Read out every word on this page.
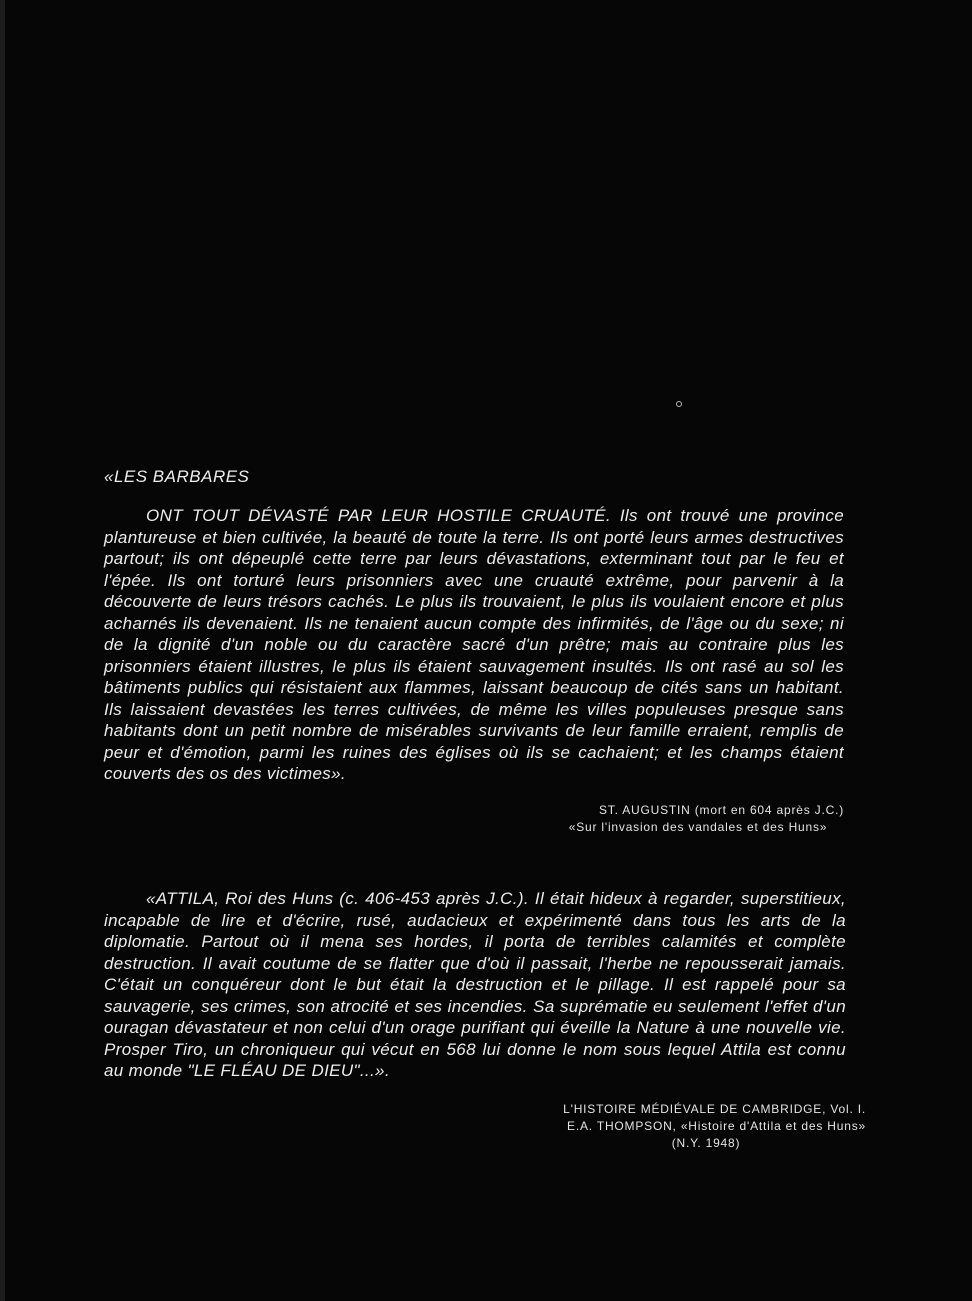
«LES BARBARES

ONT TOUT DÉVASTÉ PAR LEUR HOSTILE CRUAUTÉ. Ils ont trouvé une province plantureuse et bien cultivée, la beauté de toute la terre. Ils ont porté leurs armes destructives partout; ils ont dépeuplé cette terre par leurs dévastations, exterminant tout par le feu et l'épée. Ils ont torturé leurs prisonniers avec une cruauté extrême, pour parvenir à la découverte de leurs trésors cachés. Le plus ils trouvaient, le plus ils voulaient encore et plus acharnés ils devenaient. Ils ne tenaient aucun compte des infirmités, de l'âge ou du sexe; ni de la dignité d'un noble ou du caractère sacré d'un prêtre; mais au contraire plus les prisonniers étaient illustres, le plus ils étaient sauvagement insultés. Ils ont rasé au sol les bâtiments publics qui résistaient aux flammes, laissant beaucoup de cités sans un habitant. Ils laissaient devastées les terres cultivées, de même les villes populeuses presque sans habitants dont un petit nombre de misérables survivants de leur famille erraient, remplis de peur et d'émotion, parmi les ruines des églises où ils se cachaient; et les champs étaient couverts des os des victimes».

ST. AUGUSTIN (mort en 604 après J.C.)
«Sur l'invasion des vandales et des Huns»

«ATTILA, Roi des Huns (c. 406-453 après J.C.). Il était hideux à regarder, superstitieux, incapable de lire et d'écrire, rusé, audacieux et expérimenté dans tous les arts de la diplomatie. Partout où il mena ses hordes, il porta de terribles calamités et complète destruction. Il avait coutume de se flatter que d'où il passait, l'herbe ne repousserait jamais. C'était un conquéreur dont le but était la destruction et le pillage. Il est rappelé pour sa sauvagerie, ses crimes, son atrocité et ses incendies. Sa suprématie eu seulement l'effet d'un ouragan dévastateur et non celui d'un orage purifiant qui éveille la Nature à une nouvelle vie. Prosper Tiro, un chroniqueur qui vécut en 568 lui donne le nom sous lequel Attila est connu au monde "LE FLÉAU DE DIEU"...».

L'HISTOIRE MÉDIÉVALE DE CAMBRIDGE, Vol. I.
E.A. THOMPSON, «Histoire d'Attila et des Huns»
(N.Y. 1948)
